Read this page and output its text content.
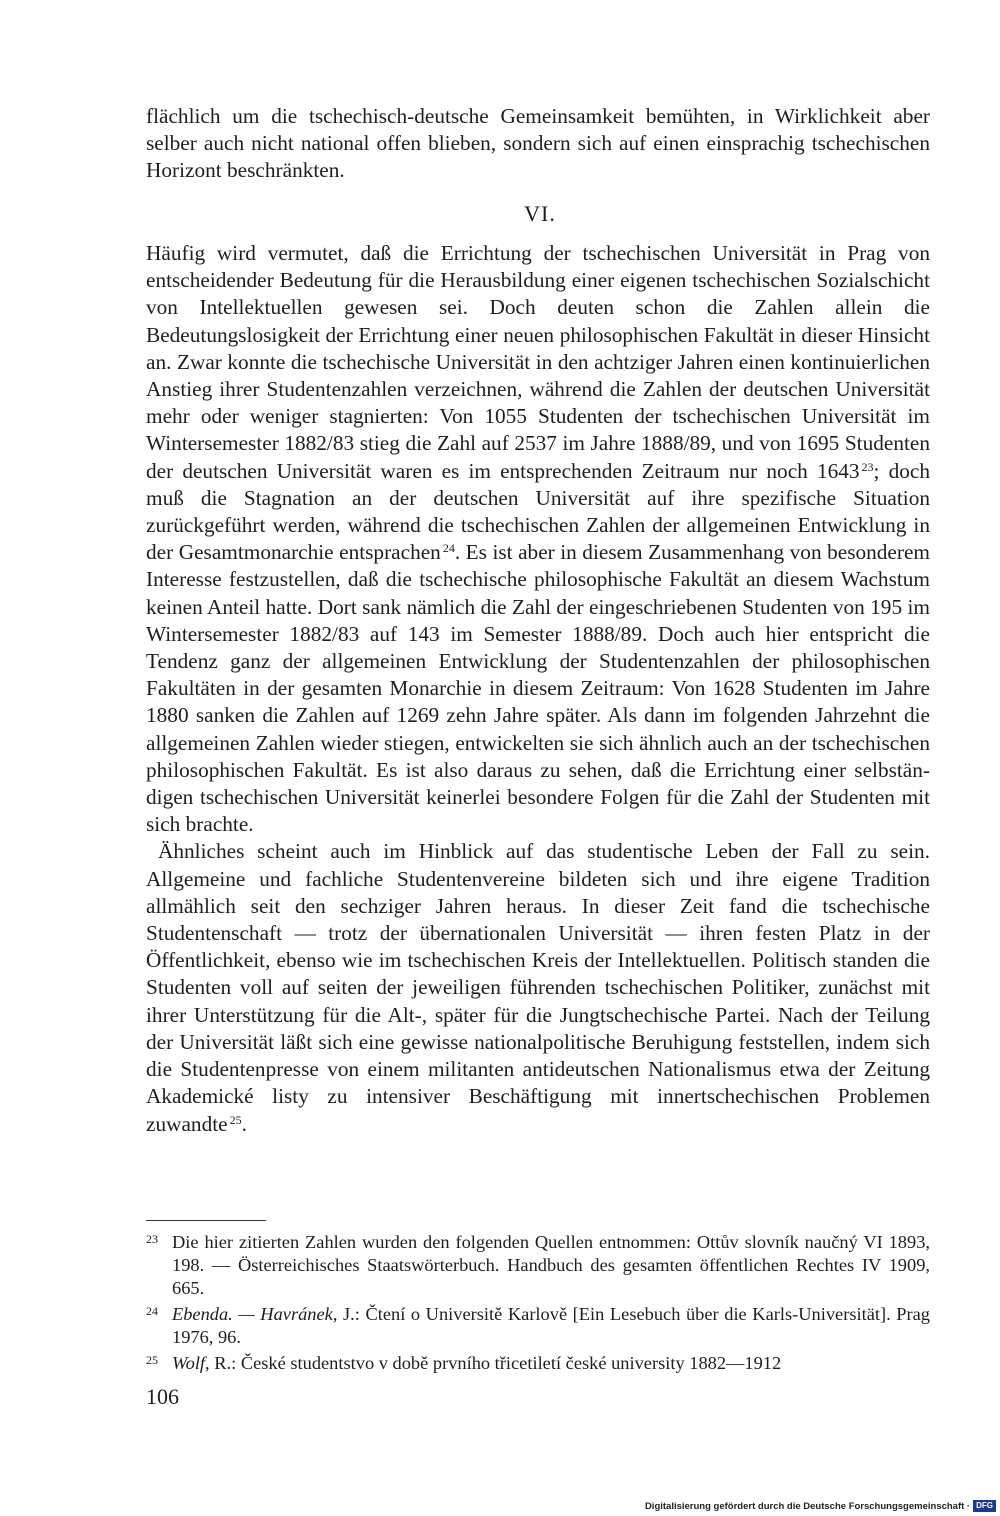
flächlich um die tschechisch-deutsche Gemeinsamkeit bemühten, in Wirklichkeit aber selber auch nicht national offen blieben, sondern sich auf einen einsprachig tschechischen Horizont beschränkten.

VI.

Häufig wird vermutet, daß die Errichtung der tschechischen Universität in Prag von entscheidender Bedeutung für die Herausbildung einer eigenen tschechischen Sozialschicht von Intellektuellen gewesen sei. Doch deuten schon die Zahlen allein die Bedeutungslosigkeit der Errichtung einer neuen philosophischen Fakultät in dieser Hinsicht an. Zwar konnte die tschechische Universität in den achtziger Jahren einen kontinuierlichen Anstieg ihrer Studentenzahlen verzeichnen, während die Zahlen der deutschen Universität mehr oder weniger stagnierten: Von 1055 Studenten der tschechischen Universität im Wintersemester 1882/83 stieg die Zahl auf 2537 im Jahre 1888/89, und von 1695 Studenten der deutschen Universität waren es im entsprechenden Zeitraum nur noch 1643 $^{23}$; doch muß die Stagnation an der deutschen Universität auf ihre spezifische Situation zurückgeführt werden, während die tschechischen Zahlen der allgemeinen Entwicklung in der Gesamtmonarchie entsprachen $^{24}$. Es ist aber in diesem Zusammenhang von besonderem Interesse festzustellen, daß die tschechische philosophische Fakultät an diesem Wachstum keinen Anteil hatte. Dort sank nämlich die Zahl der eingeschriebenen Studenten von 195 im Wintersemester 1882/83 auf 143 im Semester 1888/89. Doch auch hier entspricht die Tendenz ganz der allgemeinen Entwicklung der Studentenzahlen der philosophischen Fakultäten in der gesamten Monarchie in diesem Zeitraum: Von 1628 Studenten im Jahre 1880 sanken die Zahlen auf 1269 zehn Jahre später. Als dann im folgenden Jahrzehnt die allgemeinen Zahlen wieder stiegen, entwickelten sie sich ähnlich auch an der tschechischen philosophischen Fakultät. Es ist also daraus zu sehen, daß die Errichtung einer selbständigen tschechischen Universität keinerlei besondere Folgen für die Zahl der Studenten mit sich brachte.

Ähnliches scheint auch im Hinblick auf das studentische Leben der Fall zu sein. Allgemeine und fachliche Studentenvereine bildeten sich und ihre eigene Tradition allmählich seit den sechziger Jahren heraus. In dieser Zeit fand die tschechische Studentenschaft — trotz der übernationalen Universität — ihren festen Platz in der Öffentlichkeit, ebenso wie im tschechischen Kreis der Intellektuellen. Politisch standen die Studenten voll auf seiten der jeweiligen führenden tschechischen Politiker, zunächst mit ihrer Unterstützung für die Alt-, später für die Jungtschechische Partei. Nach der Teilung der Universität läßt sich eine gewisse nationalpolitische Beruhigung feststellen, indem sich die Studentenpresse von einem militanten antideutschen Nationalismus etwa der Zeitung Akademické listy zu intensiver Beschäftigung mit innertschechischen Problemen zuwandte $^{25}$.

23 Die hier zitierten Zahlen wurden den folgenden Quellen entnommen: Ottův slovník naučný VI 1893, 198. — Österreichisches Staatswörterbuch. Handbuch des gesamten öffentlichen Rechtes IV 1909, 665.

24 Ebenda. — Havránek, J.: Čtení o Universitě Karlově [Ein Lesebuch über die Karls-Universität]. Prag 1976, 96.

25 Wolf, R.: České studentstvo v době prvního třicetiletí české university 1882—1912

106
Digitalisierung gefördert durch die Deutsche Forschungsgemeinschaft · DFG
